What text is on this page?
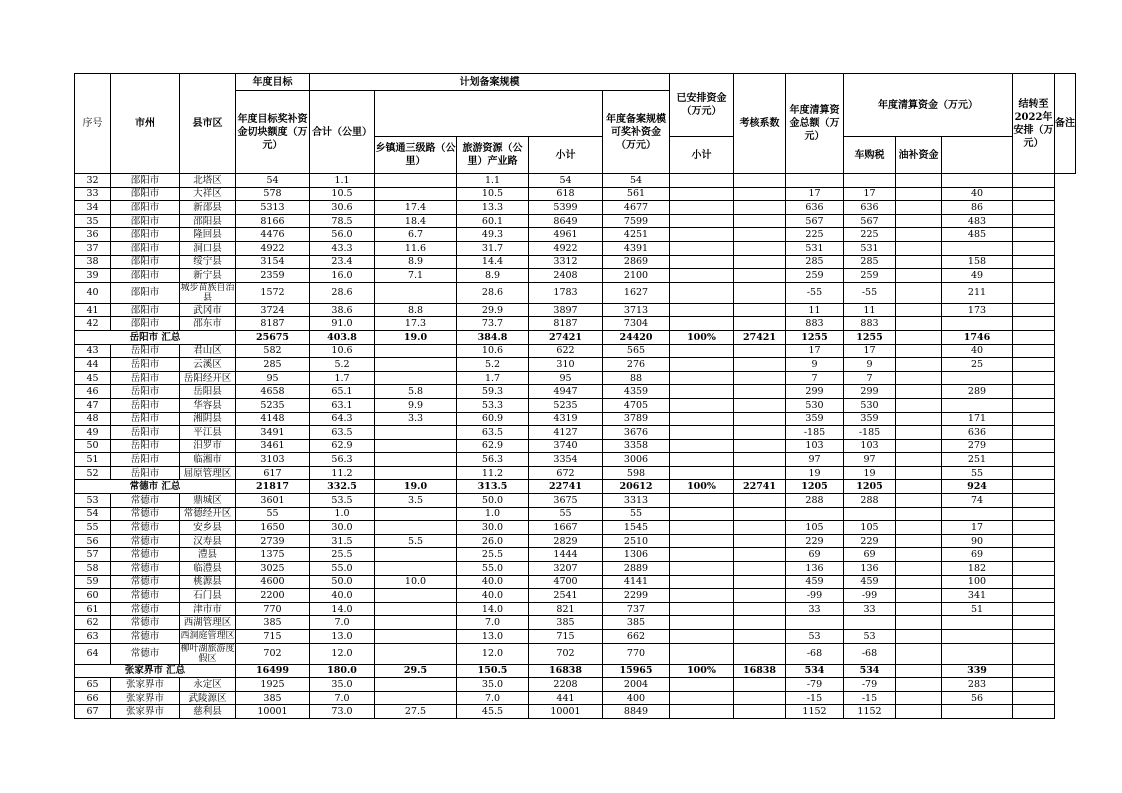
序号	市州	县市区	年度目标	计划备案规模					已安排资金（万元）	考核系数	年度清算资金总额（万元）	年度清算资金（万元）			结转至2022年安排（万元）	备注
			年度目标奖补资金切块额度（万元）	合计（公里）				年度备案规模可奖补资金（万元）								
					乡镇通三级路（公里）	旅游资源（公里）产业路	小计		小计			车购税	油补资金			
32	邵阳市	北塔区	54	1.1		1.1	54	54								
33	邵阳市	大祥区	578	10.5		10.5	618	561			17	17		40		
34	邵阳市	新邵县	5313	30.6	17.4	13.3	5399	4677			636	636		86		
35	邵阳市	邵阳县	8166	78.5	18.4	60.1	8649	7599			567	567		483		
36	邵阳市	隆回县	4476	56.0	6.7	49.3	4961	4251			225	225		485		
37	邵阳市	洞口县	4922	43.3	11.6	31.7	4922	4391			531	531				
38	邵阳市	绥宁县	3154	23.4	8.9	14.4	3312	2869			285	285		158		
39	邵阳市	新宁县	2359	16.0	7.1	8.9	2408	2100			259	259		49		
40	邵阳市	城步苗族自治县	1572	28.6		28.6	1783	1627			-55	-55		211		
41	邵阳市	武冈市	3724	38.6	8.8	29.9	3897	3713			11	11		173		
42	邵阳市	邵东市	8187	91.0	17.3	73.7	8187	7304			883	883				
岳阳市 汇总			25675	403.8	19.0	384.8	27421	24420	100%	27421	1255	1255		1746		
43	岳阳市	君山区	582	10.6		10.6	622	565			17	17		40		
44	岳阳市	云溪区	285	5.2		5.2	310	276			9	9		25		
45	岳阳市	岳阳经开区	95	1.7		1.7	95	88			7	7				
46	岳阳市	岳阳县	4658	65.1	5.8	59.3	4947	4359			299	299		289		
47	岳阳市	华容县	5235	63.1	9.9	53.3	5235	4705			530	530				
48	岳阳市	湘阴县	4148	64.3	3.3	60.9	4319	3789			359	359		171		
49	岳阳市	平江县	3491	63.5		63.5	4127	3676			-185	-185		636		
50	岳阳市	汨罗市	3461	62.9		62.9	3740	3358			103	103		279		
51	岳阳市	临湘市	3103	56.3		56.3	3354	3006			97	97		251		
52	岳阳市	屈原管理区	617	11.2		11.2	672	598			19	19		55		
常德市 汇总			21817	332.5	19.0	313.5	22741	20612	100%	22741	1205	1205		924		
53	常德市	鼎城区	3601	53.5	3.5	50.0	3675	3313			288	288		74		
54	常德市	常德经开区	55	1.0		1.0	55	55								
55	常德市	安乡县	1650	30.0		30.0	1667	1545			105	105		17		
56	常德市	汉寿县	2739	31.5	5.5	26.0	2829	2510			229	229		90		
57	常德市	澧县	1375	25.5		25.5	1444	1306			69	69		69		
58	常德市	临澧县	3025	55.0		55.0	3207	2889			136	136		182		
59	常德市	桃源县	4600	50.0	10.0	40.0	4700	4141			459	459		100		
60	常德市	石门县	2200	40.0		40.0	2541	2299			-99	-99		341		
61	常德市	津市市	770	14.0		14.0	821	737			33	33		51		
62	常德市	西湖管理区	385	7.0		7.0	385	385								
63	常德市	西洞庭管理区	715	13.0		13.0	715	662			53	53				
64	常德市	柳叶湖旅游度假区	702	12.0		12.0	702	770			-68	-68				
张家界市 汇总			16499	180.0	29.5	150.5	16838	15965	100%	16838	534	534		339		
65	张家界市	永定区	1925	35.0		35.0	2208	2004			-79	-79		283		
66	张家界市	武陵源区	385	7.0		7.0	441	400			-15	-15		56		
67	张家界市	慈利县	10001	73.0	27.5	45.5	10001	8849			1152	1152				
